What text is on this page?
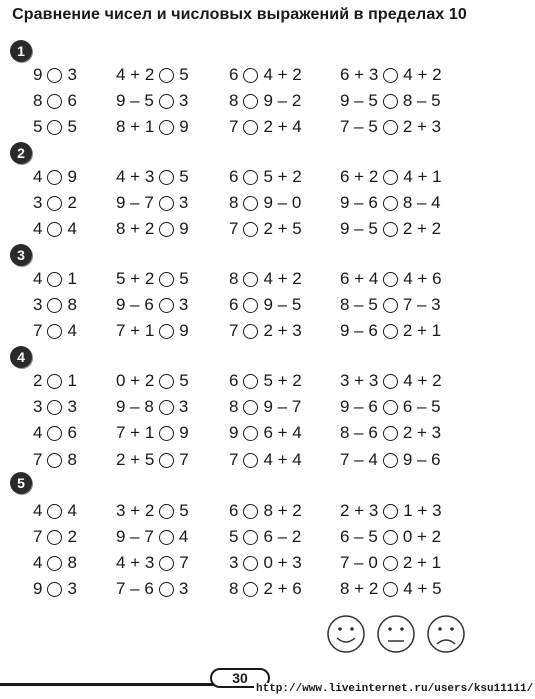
Сравнение чисел и числовых выражений в пределах 10
1
9 3 4 + 2 5 6 4 + 2 6 + 3 4 + 2
8 6 9 – 5 3 8 9 – 2 9 – 5 8 – 5
5 5 8 + 1 9 7 2 + 4 7 – 5 2 + 3
2
4 9 4 + 3 5 6 5 + 2 6 + 2 4 + 1
3 2 9 – 7 3 8 9 – 0 9 – 6 8 – 4
4 4 8 + 2 9 7 2 + 5 9 – 5 2 + 2
3
4 1 5 + 2 5 8 4 + 2 6 + 4 4 + 6
3 8 9 – 6 3 6 9 – 5 8 – 5 7 – 3
7 4 7 + 1 9 7 2 + 3 9 – 6 2 + 1
4
2 1 0 + 2 5 6 5 + 2 3 + 3 4 + 2
3 3 9 – 8 3 8 9 – 7 9 – 6 6 – 5
4 6 7 + 1 9 9 6 + 4 8 – 6 2 + 3
7 8 2 + 5 7 7 4 + 4 7 – 4 9 – 6
5
4 4 3 + 2 5 6 8 + 2 2 + 3 1 + 3
7 2 9 – 7 4 5 6 – 2 6 – 5 0 + 2
4 8 4 + 3 7 3 0 + 3 7 – 0 2 + 1
9 3 7 – 6 3 8 2 + 6 8 + 2 4 + 5
30
http://www.liveinternet.ru/users/ksu11111/
